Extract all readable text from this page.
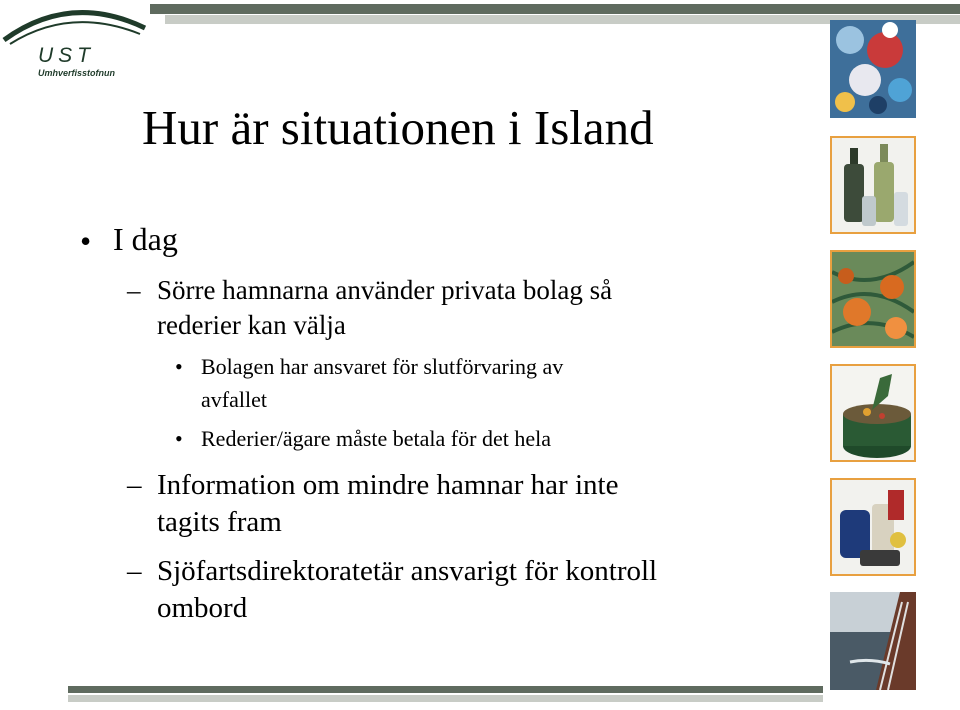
UST
Umhverfisstofnun
Hur är situationen i Island
• I dag
– Sörre hamnarna använder privata bolag så
rederier kan välja
• Bolagen har ansvaret för slutförvaring av
avfallet
• Rederier/ägare måste betala för det hela
– Information om mindre hamnar har inte
tagits fram
– Sjöfartsdirektoratetär ansvarigt för kontroll
ombord
